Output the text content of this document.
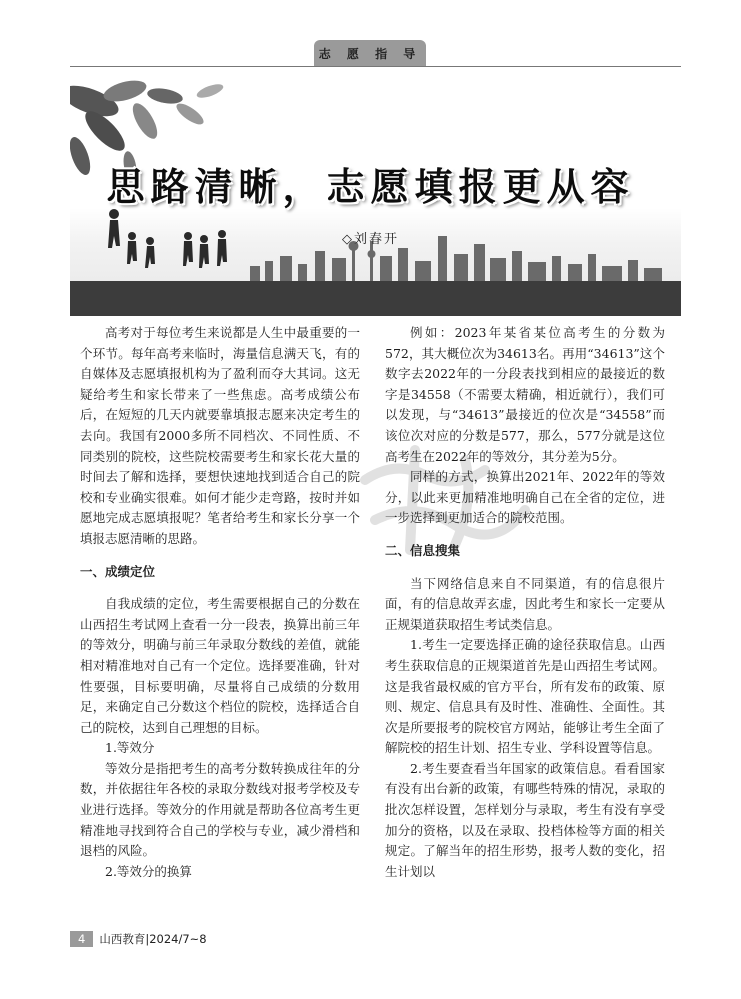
志 愿 指 导
思路清晰，志愿填报更从容
◇刘春开

高考对于每位考生来说都是人生中最重要的一个环节。每年高考来临时，海量信息满天飞，有的自媒体及志愿填报机构为了盈利而夺大其词。这无疑给考生和家长带来了一些焦虑。高考成绩公布后，在短短的几天内就要靠填报志愿来决定考生的去向。我国有2000多所不同档次、不同性质、不同类别的院校，这些院校需要考生和家长花大量的时间去了解和选择，要想快速地找到适合自己的院校和专业确实很难。如何才能少走弯路，按时并如愿地完成志愿填报呢？笔者给考生和家长分享一个填报志愿清晰的思路。

一、成绩定位

自我成绩的定位，考生需要根据自己的分数在山西招生考试网上查看一分一段表，换算出前三年的等效分，明确与前三年录取分数线的差值，就能相对精准地对自己有一个定位。选择要准确，针对性要强，目标要明确，尽量将自己成绩的分数用足，来确定自己分数这个档位的院校，选择适合自己的院校，达到自己理想的目标。

1.等效分

等效分是指把考生的高考分数转换成往年的分数，并依据往年各校的录取分数线对报考学校及专业进行选择。等效分的作用就是帮助各位高考生更精准地寻找到符合自己的学校与专业，减少滑档和退档的风险。

2.等效分的换算

例如：2023年某省某位高考生的分数为572，其大概位次为34613名。再用“34613”这个数字去2022年的一分段表找到相应的最接近的数字是34558（不需要太精确，相近就行），我们可以发现，与“34613”最接近的位次是“34558”而该位次对应的分数是577，那么，577分就是这位高考生在2022年的等效分，其分差为5分。

同样的方式，换算出2021年、2022年的等效分，以此来更加精准地明确自己在全省的定位，进一步选择到更加适合的院校范围。

二、信息搜集

当下网络信息来自不同渠道，有的信息很片面，有的信息故弄玄虚，因此考生和家长一定要从正规渠道获取招生考试类信息。

1.考生一定要选择正确的途径获取信息。山西考生获取信息的正规渠道首先是山西招生考试网。这是我省最权威的官方平台，所有发布的政策、原则、规定、信息具有及时性、准确性、全面性。其次是所要报考的院校官方网站，能够让考生全面了解院校的招生计划、招生专业、学科设置等信息。

2.考生要查看当年国家的政策信息。看看国家有没有出台新的政策，有哪些特殊的情况，录取的批次怎样设置，怎样划分与录取，考生有没有享受加分的资格，以及在录取、投档体检等方面的相关规定。了解当年的招生形势，报考人数的变化，招生计划以

4	山西教育|2024/7~8
